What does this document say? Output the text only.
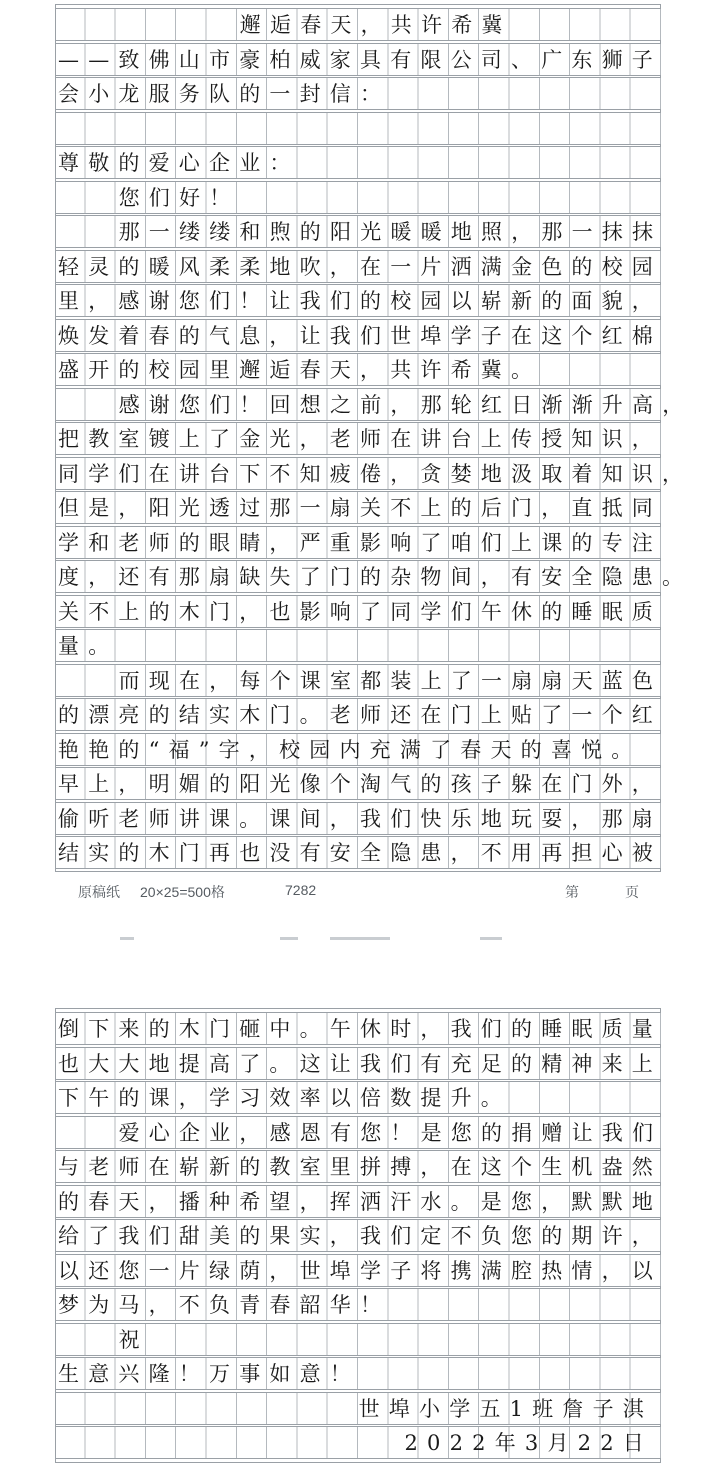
邂逅春天，共许希冀
——致佛山市豪柏威家具有限公司、广东狮子
会小龙服务队的一封信：
尊敬的爱心企业：
您们好！
那一缕缕和煦的阳光暖暖地照，那一抹抹
轻灵的暖风柔柔地吹，在一片洒满金色的校园
里，感谢您们！让我们的校园以崭新的面貌，
焕发着春的气息，让我们世埠学子在这个红棉
盛开的校园里邂逅春天，共许希冀。
感谢您们！回想之前，那轮红日渐渐升高，
把教室镀上了金光，老师在讲台上传授知识，
同学们在讲台下不知疲倦，贪婪地汲取着知识，
但是，阳光透过那一扇关不上的后门，直抵同
学和老师的眼睛，严重影响了咱们上课的专注
度，还有那扇缺失了门的杂物间，有安全隐患。
关不上的木门，也影响了同学们午休的睡眠质
量。
而现在，每个课室都装上了一扇扇天蓝色
的漂亮的结实木门。老师还在门上贴了一个红
艳艳的“福”字，校园内充满了春天的喜悦。
早上，明媚的阳光像个淘气的孩子躲在门外，
偷听老师讲课。课间，我们快乐地玩耍，那扇
结实的木门再也没有安全隐患，不用再担心被
原稿纸 20×25=500格	7282	第	页
倒下来的木门砸中。午休时，我们的睡眠质量
也大大地提高了。这让我们有充足的精神来上
下午的课，学习效率以倍数提升。
爱心企业，感恩有您！是您的捐赠让我们
与老师在崭新的教室里拼搏，在这个生机盎然
的春天，播种希望，挥洒汗水。是您，默默地
给了我们甜美的果实，我们定不负您的期许，
以还您一片绿荫，世埠学子将携满腔热情，以
梦为马，不负青春韶华！
祝
生意兴隆！万事如意！
世埠小学五1班詹子淇
2022年3月22日
